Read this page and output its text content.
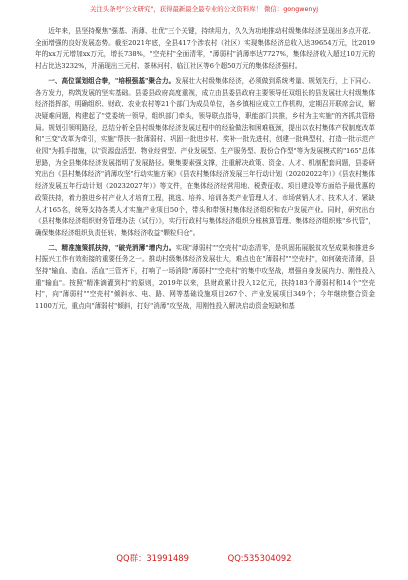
关注头条号"公文研究"，获得最新最全最专业的公文资料库！ 微信：gongwenyj

近年来，县坚持聚焦"强基、消薄、壮优"三个关键，持续用力，久久为功地推动村级集体经济呈现出多点开花、全面增强的良好发展态势。截至2021年底，全县417个涉农村（社区）实现集体经济总收入达39654万元，比2019年的xx万元增加xx万元，增长738%，"空壳村"全面清零，"薄弱村"消薄率达7727%，集体经济收入超过10万元的村占比达3232%，并涌现出三元村、茶林河村、临江社区等6个超50万元的集体经济强村。

一、高位谋划组合拳，"培根强基"聚合力。发展壮大村级集体经济，必须做到系统考量、规划先行，上下同心、各方发力，构筑发展的坚实基础。县委县政府高度重视，成立由县委县政府主要领导任双组长的县发展壮大村级集体经济指挥部，明确组织、财政、农业农村等21个部门为成员单位，各乡镇相应成立工作机构，定期召开联席会议，解决疑难问题，构建起了"党委统一领导，组织部门牵头，领导联点指导，职能部门共推，乡村为主实施"的齐抓共管格局。规划引领明路径，总结分析全县村级集体经济发展过程中的经验做法和困难瓶颈，提出以农村集体产权制度改革和"三变"改革为牵引，实施"帮扶一批薄弱村、巩固一批进步村、奖补一批先进村，创建一批典型村，打造一批示范产业园"为抓手措施，以"资源盘活型、物业经营型、产业发展型、生产服务型、股份合作型"等为发展模式的"165"总体思路，为全县集体经济发展指明了发展路径。聚集要素强支撑，注重解决政策、资金、人才、机制配套问题，县委研究出台《县村集体经济"消薄攻坚"行动实施方案》《县农村集体经济发展三年行动计划（20202022年）》《县农村集体经济发展五年行动计划（20232027年）》等文件，在集体经济经营用地、税费征收、项目建设等方面给予最优惠的政策扶持，着力推进乡村产业人才培育工程，挑选、培养、培训各类产业管理人才、市场营销人才、技术人才、紧缺人才165名，统筹支持各类人才实施产业项目50个，带头和带领村集体经济组织和农户发展产业。同时，研究出台《县村集体经济组织财务管理办法（试行）》，实行行政村与集体经济组织分账核算管理、集体经济组织账"乡代管"，确保集体经济组织负责任转、集体经济收益"颗粒归仓"。

二、精准施策抓扶持，"破壳消薄"增内力。实现"薄弱村""空壳村"动态清零，是巩固拓展脱贫攻坚成果和推进乡村振兴工作有效衔接的重要任务之一。推动村级集体经济发展壮大，难点也在"薄弱村""空壳村"，如何破壳清薄，县坚持"输血、造血、活血"三管齐下，打响了一场消除"薄弱村""空壳村"的集中攻坚战，增强自身发展内力、刚性投入重"输血"。按照"精准滴灌到村"的原则，2019年以来，县财政累计投入12亿元，扶持183个薄弱村和14个"空壳村"，向"薄弱村""空壳村"倾斜水、电、路、网等基础设施项目267个、产业发展项目349个；今年继续整合资金1100万元，重点向"薄弱村"倾斜，打好"消薄"攻坚战，用刚性投入解决启动资金短缺和基

QQ群：31991489	QQ:535304092
